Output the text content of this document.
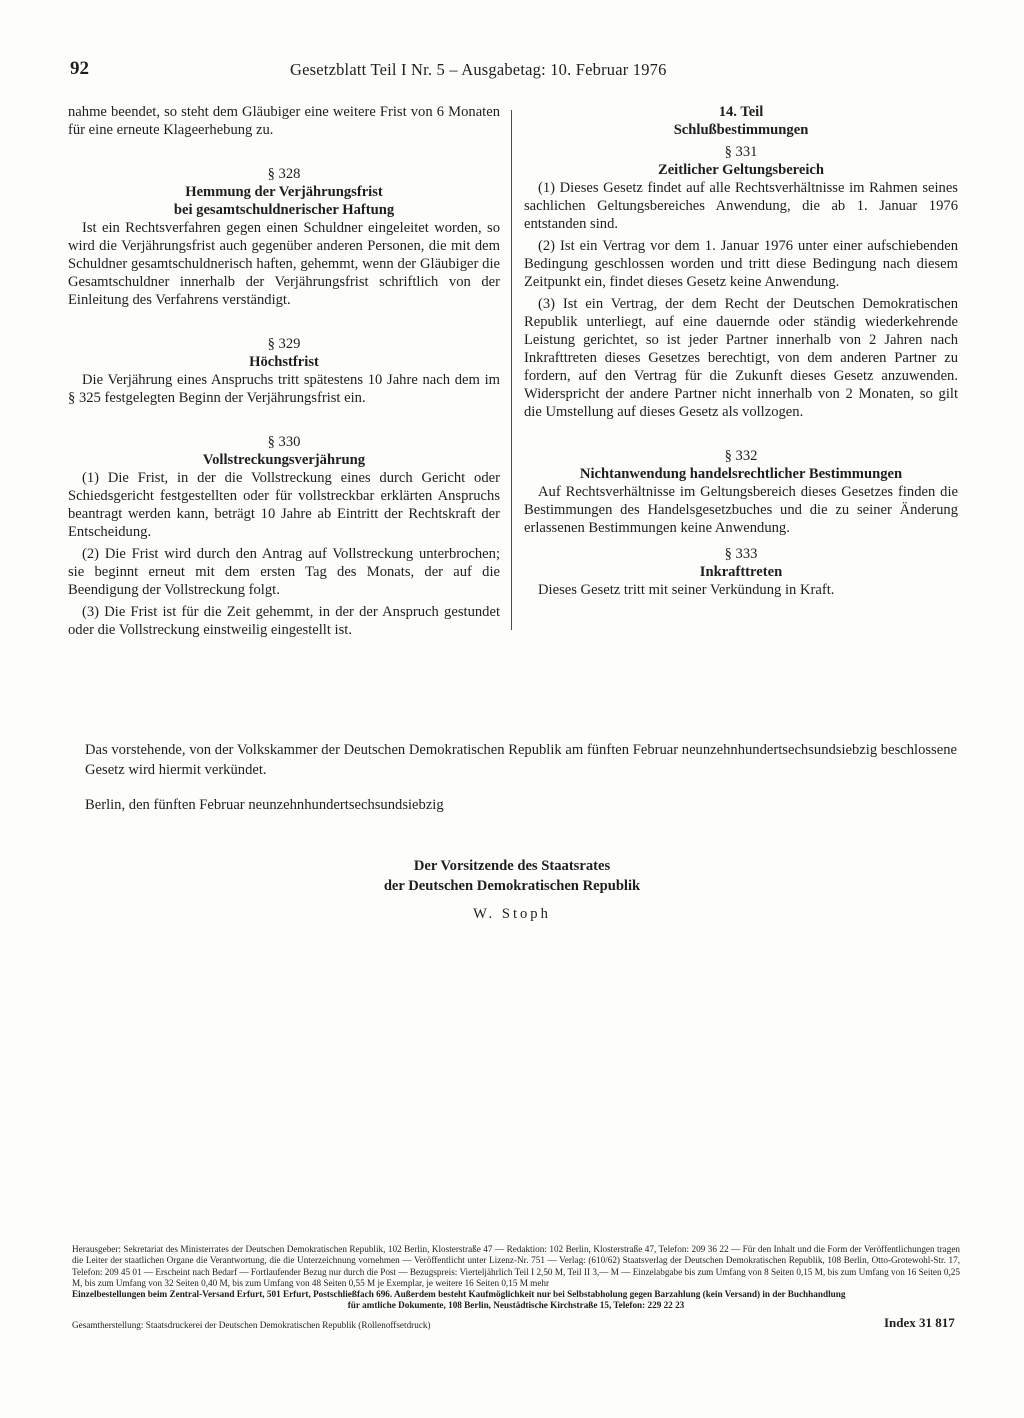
92	Gesetzblatt Teil I Nr. 5 – Ausgabetag: 10. Februar 1976

nahme beendet, so steht dem Gläubiger eine weitere Frist von 6 Monaten für eine erneute Klageerhebung zu.

§ 328
Hemmung der Verjährungsfrist
bei gesamtschuldnerischer Haftung

Ist ein Rechtsverfahren gegen einen Schuldner eingeleitet worden, so wird die Verjährungsfrist auch gegenüber anderen Personen, die mit dem Schuldner gesamtschuldnerisch haften, gehemmt, wenn der Gläubiger die Gesamtschuldner innerhalb der Verjährungsfrist schriftlich von der Einleitung des Verfahrens verständigt.

§ 329
Höchstfrist

Die Verjährung eines Anspruchs tritt spätestens 10 Jahre nach dem im § 325 festgelegten Beginn der Verjährungsfrist ein.

§ 330
Vollstreckungsverjährung

(1) Die Frist, in der die Vollstreckung eines durch Gericht oder Schiedsgericht festgestellten oder für vollstreckbar erklärten Anspruchs beantragt werden kann, beträgt 10 Jahre ab Eintritt der Rechtskraft der Entscheidung.

(2) Die Frist wird durch den Antrag auf Vollstreckung unterbrochen; sie beginnt erneut mit dem ersten Tag des Monats, der auf die Beendigung der Vollstreckung folgt.

(3) Die Frist ist für die Zeit gehemmt, in der der Anspruch gestundet oder die Vollstreckung einstweilig eingestellt ist.

14. Teil
Schlußbestimmungen
§ 331
Zeitlicher Geltungsbereich

(1) Dieses Gesetz findet auf alle Rechtsverhältnisse im Rahmen seines sachlichen Geltungsbereiches Anwendung, die ab 1. Januar 1976 entstanden sind.

(2) Ist ein Vertrag vor dem 1. Januar 1976 unter einer aufschiebenden Bedingung geschlossen worden und tritt diese Bedingung nach diesem Zeitpunkt ein, findet dieses Gesetz keine Anwendung.

(3) Ist ein Vertrag, der dem Recht der Deutschen Demokratischen Republik unterliegt, auf eine dauernde oder ständig wiederkehrende Leistung gerichtet, so ist jeder Partner innerhalb von 2 Jahren nach Inkrafttreten dieses Gesetzes berechtigt, von dem anderen Partner zu fordern, auf den Vertrag für die Zukunft dieses Gesetz anzuwenden. Widerspricht der andere Partner nicht innerhalb von 2 Monaten, so gilt die Umstellung auf dieses Gesetz als vollzogen.

§ 332
Nichtanwendung handelsrechtlicher Bestimmungen

Auf Rechtsverhältnisse im Geltungsbereich dieses Gesetzes finden die Bestimmungen des Handelsgesetzbuches und die zu seiner Änderung erlassenen Bestimmungen keine Anwendung.

§ 333
Inkrafttreten

Dieses Gesetz tritt mit seiner Verkündung in Kraft.

Das vorstehende, von der Volkskammer der Deutschen Demokratischen Republik am fünften Februar neunzehnhundertsechsundsiebzig beschlossene Gesetz wird hiermit verkündet.
Berlin, den fünften Februar neunzehnhundertsechsundsiebzig
Der Vorsitzende des Staatsrates
der Deutschen Demokratischen Republik
W. Stoph
Herausgeber: Sekretariat des Ministerrates der Deutschen Demokratischen Republik, 102 Berlin, Klosterstraße 47 — Redaktion: 102 Berlin, Klosterstraße 47, Telefon: 209 36 22 — Für den Inhalt und die Form der Veröffentlichungen tragen die Leiter der staatlichen Organe die Verantwortung, die die Unterzeichnung vornehmen — Veröffentlicht unter Lizenz-Nr. 751 — Verlag: (610/62) Staatsverlag der Deutschen Demokratischen Republik, 108 Berlin, Otto-Grotewohl-Str. 17, Telefon: 209 45 01 — Erscheint nach Bedarf — Fortlaufender Bezug nur durch die Post — Bezugspreis: Vierteljährlich Teil I 2,50 M, Teil II 3,— M — Einzelabgabe bis zum Umfang von 8 Seiten 0,15 M, bis zum Umfang von 16 Seiten 0,25 M, bis zum Umfang von 32 Seiten 0,40 M, bis zum Umfang von 48 Seiten 0,55 M je Exemplar, je weitere 16 Seiten 0,15 M mehr
Einzelbestellungen beim Zentral-Versand Erfurt, 501 Erfurt, Postschließfach 696. Außerdem besteht Kaufmöglichkeit nur bei Selbstabholung gegen Barzahlung (kein Versand) in der Buchhandlung
für amtliche Dokumente, 108 Berlin, Neustädtische Kirchstraße 15, Telefon: 229 22 23
Gesamtherstellung: Staatsdruckerei der Deutschen Demokratischen Republik (Rollenoffsetdruck)	Index 31 817
